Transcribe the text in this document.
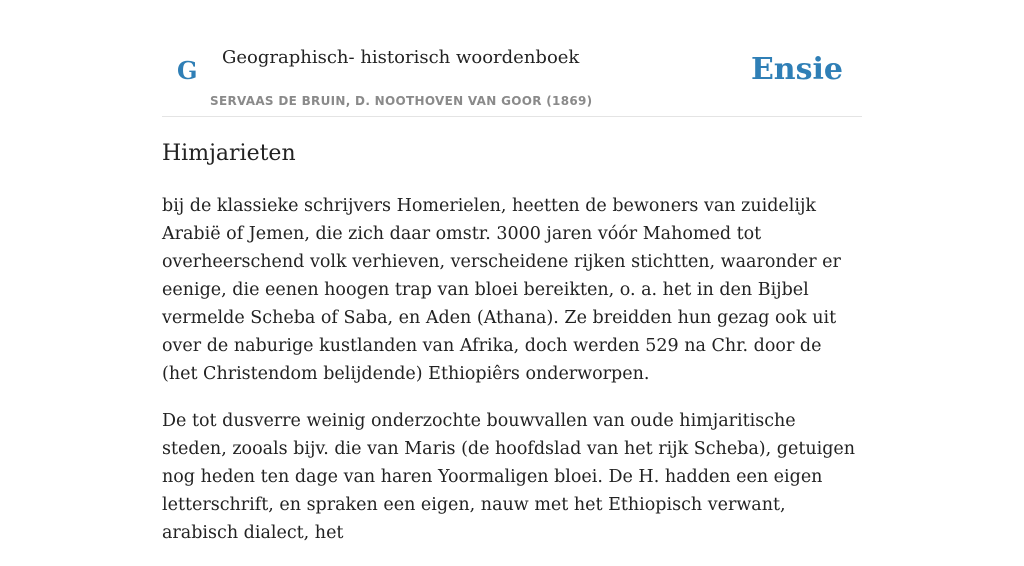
G Geographisch- historisch woordenboek
SERVAAS DE BRUIN, D. NOOTHOVEN VAN GOOR (1869)
Ensie
Himjarieten

bij de klassieke schrijvers Homerielen, heetten de bewoners van zuidelijk Arabië of Jemen, die zich daar omstr. 3000 jaren vóór Mahomed tot overheerschend volk verhieven, verscheidene rijken stichtten, waaronder er eenige, die eenen hoogen trap van bloei bereikten, o. a. het in den Bijbel vermelde Scheba of Saba, en Aden (Athana). Ze breidden hun gezag ook uit over de naburige kustlanden van Afrika, doch werden 529 na Chr. door de (het Christendom belijdende) Ethiopiêrs onderworpen.

De tot dusverre weinig onderzochte bouwvallen van oude himjaritische steden, zooals bijv. die van Maris (de hoofdslad van het rijk Scheba), getuigen nog heden ten dage van haren Yoormaligen bloei. De H. hadden een eigen letterschrift, en spraken een eigen, nauw met het Ethiopisch verwant, arabisch dialect, het
